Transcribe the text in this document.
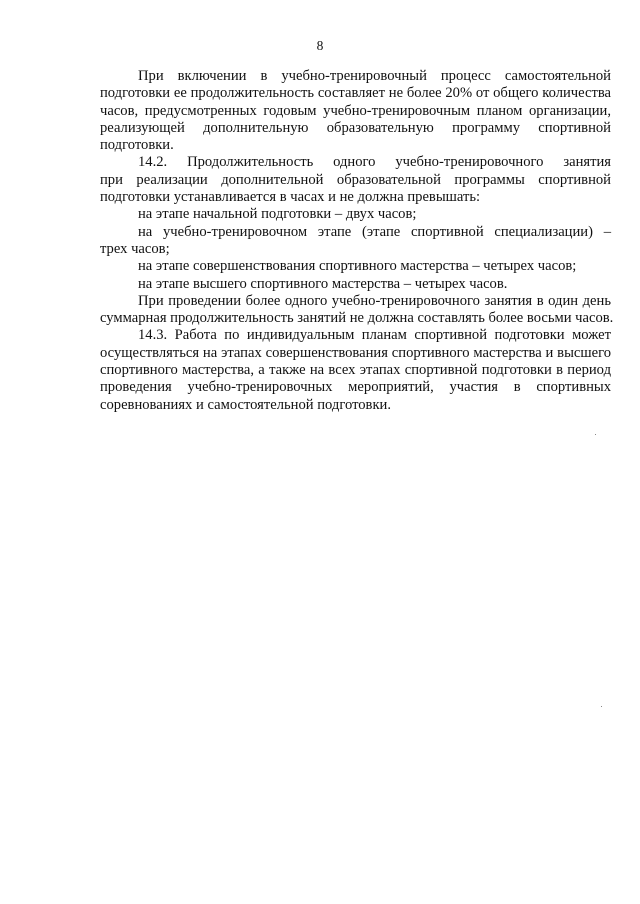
8
При включении в учебно-тренировочный процесс самостоятельной
подготовки ее продолжительность составляет не более 20% от общего количества
часов, предусмотренных годовым учебно-тренировочным планом организации,
реализующей дополнительную образовательную программу спортивной
подготовки.
14.2. Продолжительность одного учебно-тренировочного занятия
при реализации дополнительной образовательной программы спортивной
подготовки устанавливается в часах и не должна превышать:
на этапе начальной подготовки – двух часов;
на учебно-тренировочном этапе (этапе спортивной специализации) –
трех часов;
на этапе совершенствования спортивного мастерства – четырех часов;
на этапе высшего спортивного мастерства – четырех часов.
При проведении более одного учебно-тренировочного занятия в один день
суммарная продолжительность занятий не должна составлять более восьми часов.
14.3. Работа по индивидуальным планам спортивной подготовки может
осуществляться на этапах совершенствования спортивного мастерства и высшего
спортивного мастерства, а также на всех этапах спортивной подготовки в период
проведения учебно-тренировочных мероприятий, участия в спортивных
соревнованиях и самостоятельной подготовки.
